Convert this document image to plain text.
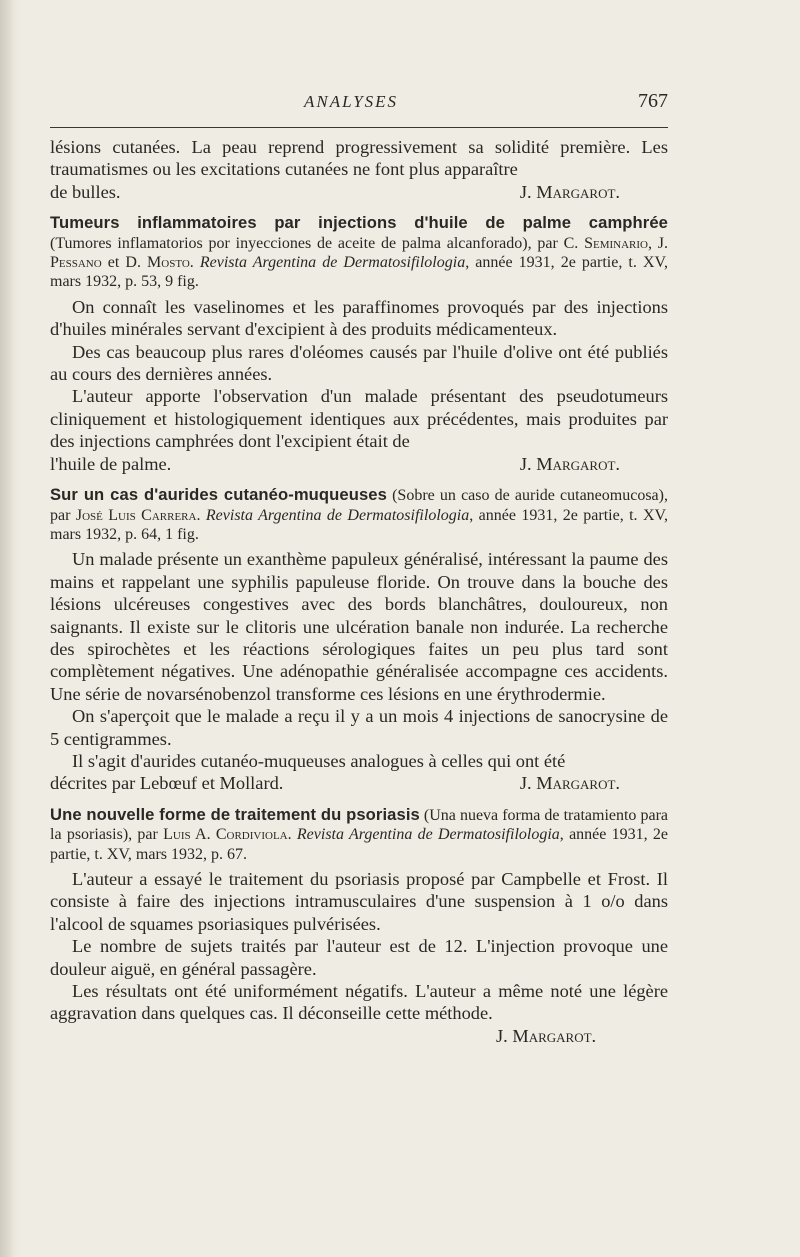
ANALYSES	767

lésions cutanées. La peau reprend progressivement sa solidité première. Les traumatismes ou les excitations cutanées ne font plus apparaître

de bulles.	J. Margarot.
Tumeurs inflammatoires par injections d'huile de palme camphrée
(Tumores inflamatorios por inyecciones de aceite de palma alcanforado), par C. Seminario, J. Pessano et D. Mosto. Revista Argentina de Dermatosifilologia, année 1931, 2e partie, t. XV, mars 1932, p. 53, 9 fig.

On connaît les vaselinomes et les paraffinomes provoqués par des injections d'huiles minérales servant d'excipient à des produits médicamenteux.

Des cas beaucoup plus rares d'oléomes causés par l'huile d'olive ont été publiés au cours des dernières années.

L'auteur apporte l'observation d'un malade présentant des pseudotumeurs cliniquement et histologiquement identiques aux précédentes, mais produites par des injections camphrées dont l'excipient était de

l'huile de palme.	J. Margarot.
Sur un cas d'aurides cutanéo-muqueuses (Sobre un caso de auride cutaneomucosa), par José Luis Carrera. Revista Argentina de Dermatosifilologia, année 1931, 2e partie, t. XV, mars 1932, p. 64, 1 fig.

Un malade présente un exanthème papuleux généralisé, intéressant la paume des mains et rappelant une syphilis papuleuse floride. On trouve dans la bouche des lésions ulcéreuses congestives avec des bords blanchâtres, douloureux, non saignants. Il existe sur le clitoris une ulcération banale non indurée. La recherche des spirochètes et les réactions sérologiques faites un peu plus tard sont complètement négatives. Une adénopathie généralisée accompagne ces accidents. Une série de novarsénobenzol transforme ces lésions en une érythrodermie.

On s'aperçoit que le malade a reçu il y a un mois 4 injections de sanocrysine de 5 centigrammes.

Il s'agit d'aurides cutanéo-muqueuses analogues à celles qui ont été

décrites par Lebœuf et Mollard.	J. Margarot.
Une nouvelle forme de traitement du psoriasis (Una nueva forma de tratamiento para la psoriasis), par Luis A. Cordiviola. Revista Argentina de Dermatosifilologia, année 1931, 2e partie, t. XV, mars 1932, p. 67.

L'auteur a essayé le traitement du psoriasis proposé par Campbelle et Frost. Il consiste à faire des injections intramusculaires d'une suspension à 1 o/o dans l'alcool de squames psoriasiques pulvérisées.

Le nombre de sujets traités par l'auteur est de 12. L'injection provoque une douleur aiguë, en général passagère.

Les résultats ont été uniformément négatifs. L'auteur a même noté une légère aggravation dans quelques cas. Il déconseille cette méthode.

J. Margarot.
